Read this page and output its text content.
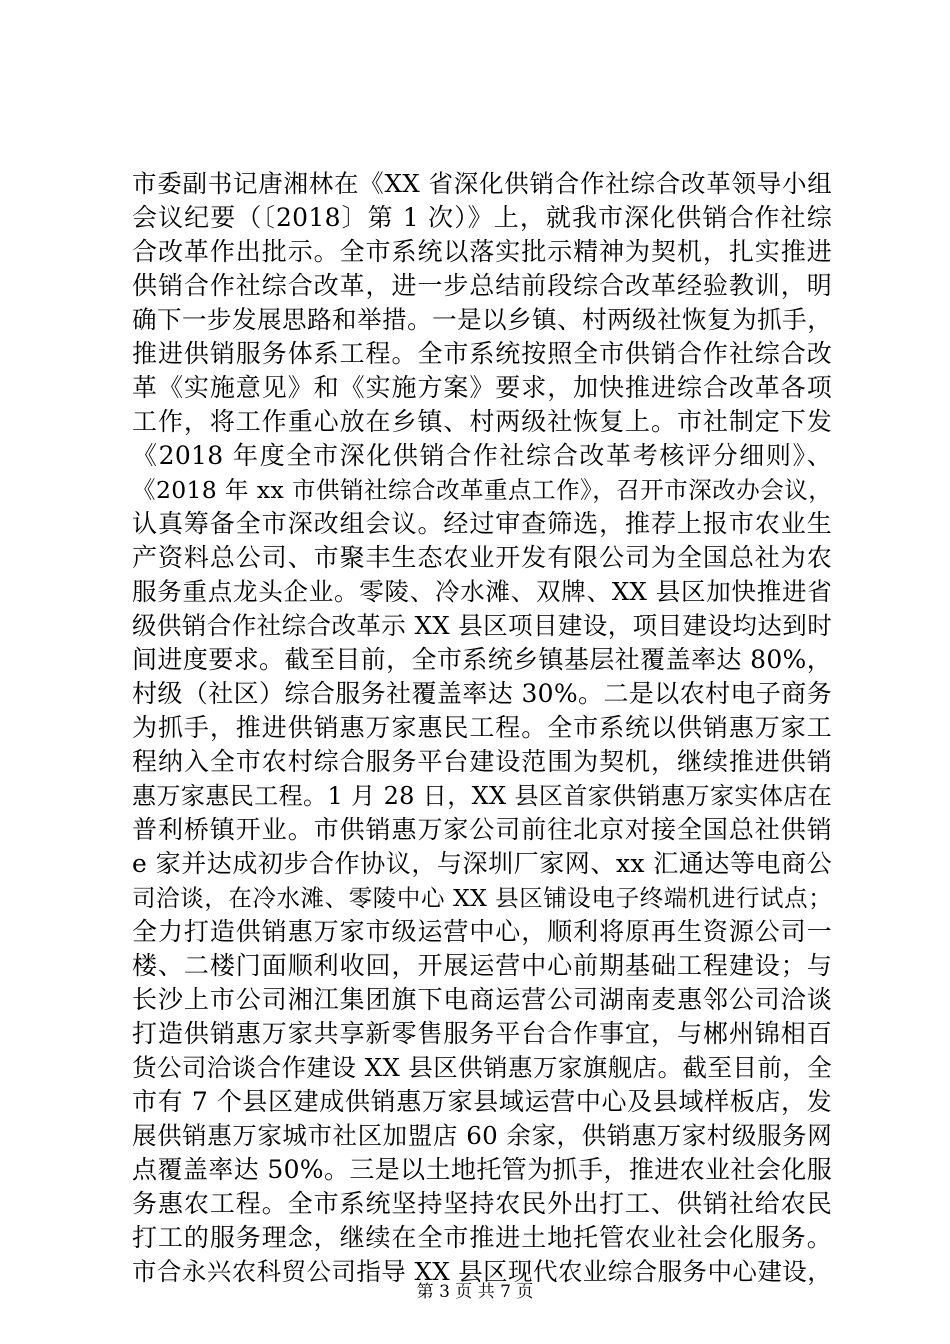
市委副书记唐湘林在《XX 省深化供销合作社综合改革领导小组
会议纪要（〔2018〕第 1 次）》上，就我市深化供销合作社综
合改革作出批示。全市系统以落实批示精神为契机，扎实推进
供销合作社综合改革，进一步总结前段综合改革经验教训，明
确下一步发展思路和举措。一是以乡镇、村两级社恢复为抓手，
推进供销服务体系工程。全市系统按照全市供销合作社综合改
革《实施意见》和《实施方案》要求，加快推进综合改革各项
工作，将工作重心放在乡镇、村两级社恢复上。市社制定下发
《2018 年度全市深化供销合作社综合改革考核评分细则》、
《2018 年 xx 市供销社综合改革重点工作》，召开市深改办会议，
认真筹备全市深改组会议。经过审查筛选，推荐上报市农业生
产资料总公司、市聚丰生态农业开发有限公司为全国总社为农
服务重点龙头企业。零陵、冷水滩、双牌、XX 县区加快推进省
级供销合作社综合改革示 XX 县区项目建设，项目建设均达到时
间进度要求。截至目前，全市系统乡镇基层社覆盖率达 80%，
村级（社区）综合服务社覆盖率达 30%。二是以农村电子商务
为抓手，推进供销惠万家惠民工程。全市系统以供销惠万家工
程纳入全市农村综合服务平台建设范围为契机，继续推进供销
惠万家惠民工程。1 月 28 日，XX 县区首家供销惠万家实体店在
普利桥镇开业。市供销惠万家公司前往北京对接全国总社供销
e 家并达成初步合作协议，与深圳厂家网、xx 汇通达等电商公
司洽谈，在冷水滩、零陵中心 XX 县区铺设电子终端机进行试点；
全力打造供销惠万家市级运营中心，顺利将原再生资源公司一
楼、二楼门面顺利收回，开展运营中心前期基础工程建设；与
长沙上市公司湘江集团旗下电商运营公司湖南麦惠邻公司洽谈
打造供销惠万家共享新零售服务平台合作事宜，与郴州锦相百
货公司洽谈合作建设 XX 县区供销惠万家旗舰店。截至目前，全
市有 7 个县区建成供销惠万家县域运营中心及县域样板店，发
展供销惠万家城市社区加盟店 60 余家，供销惠万家村级服务网
点覆盖率达 50%。三是以土地托管为抓手，推进农业社会化服
务惠农工程。全市系统坚持坚持农民外出打工、供销社给农民
打工的服务理念，继续在全市推进土地托管农业社会化服务。
市合永兴农科贸公司指导 XX 县区现代农业综合服务中心建设，
第 3 页 共 7 页
